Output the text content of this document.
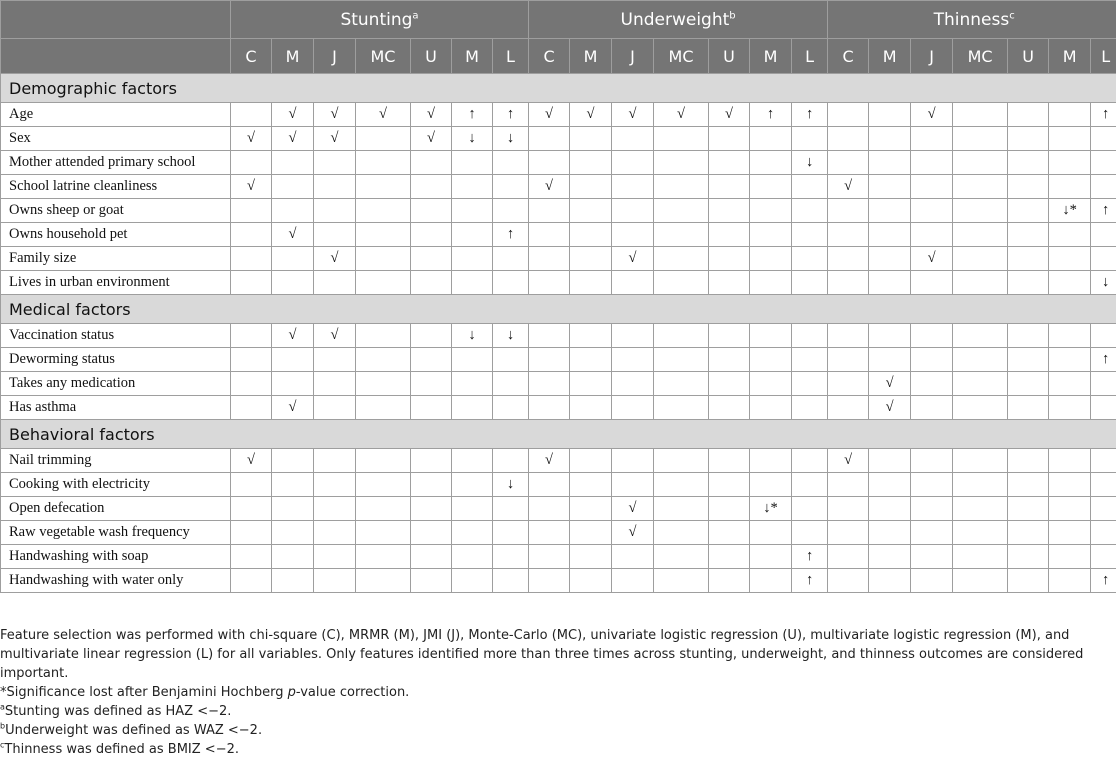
	Stunting$^a$							Underweight$^b$							Thinness$^c$
	C	M	J	MC	U	M	L	C	M	J	MC	U	M	L	C	M	J	MC	U	M	L
Demographic factors																					
Age		√	√	√	√	↑	↑	√	√	√	√	√	↑	↑			√				↑
Sex	√	√	√		√	↓	↓														
Mother attended primary school														↓							
School latrine cleanliness	√							√							√						
Owns sheep or goat																				↓*	↑
Owns household pet		√					↑														
Family size			√							√							√				
Lives in urban environment																					↓
Medical factors																					
Vaccination status		√	√			↓	↓														
Deworming status																					↑
Takes any medication																√					
Has asthma		√														√					
Behavioral factors																					
Nail trimming	√							√							√						
Cooking with electricity							↓														
Open defecation										√			↓*								
Raw vegetable wash frequency										√											
Handwashing with soap														↑							
Handwashing with water only														↑							↑

Feature selection was performed with chi-square (C), MRMR (M), JMI (J), Monte-Carlo (MC), univariate logistic regression (U), multivariate logistic regression (M), and multivariate linear regression (L) for all variables. Only features identified more than three times across stunting, underweight, and thinness outcomes are considered important.

*Significance lost after Benjamini Hochberg p-value correction.

$^a$Stunting was defined as HAZ <−2.

$^b$Underweight was defined as WAZ <−2.

$^c$Thinness was defined as BMIZ <−2.
